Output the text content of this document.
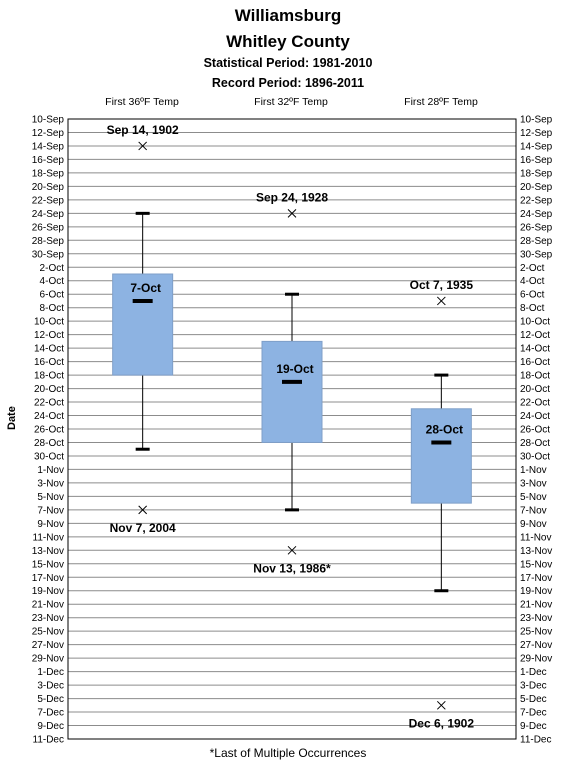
Williamsburg
Whitley County
Statistical Period: 1981-2010
Record Period: 1896-2011
First 36ºF Temp	First 32ºF Temp	First 28ºF Temp
Date
10-Sep	10-Sep
12-Sep	12-Sep
14-Sep	14-Sep
16-Sep	16-Sep
18-Sep	18-Sep
20-Sep	20-Sep
22-Sep	22-Sep
24-Sep	24-Sep
26-Sep	26-Sep
28-Sep	28-Sep
30-Sep	30-Sep
2-Oct	2-Oct
4-Oct	4-Oct
6-Oct	6-Oct
8-Oct	8-Oct
10-Oct	10-Oct
12-Oct	12-Oct
14-Oct	14-Oct
16-Oct	16-Oct
18-Oct	18-Oct
20-Oct	20-Oct
22-Oct	22-Oct
24-Oct	24-Oct
26-Oct	26-Oct
28-Oct	28-Oct
30-Oct	30-Oct
1-Nov	1-Nov
3-Nov	3-Nov
5-Nov	5-Nov
7-Nov	7-Nov
9-Nov	9-Nov
11-Nov	11-Nov
13-Nov	13-Nov
15-Nov	15-Nov
17-Nov	17-Nov
19-Nov	19-Nov
21-Nov	21-Nov
23-Nov	23-Nov
25-Nov	25-Nov
27-Nov	27-Nov
29-Nov	29-Nov
1-Dec	1-Dec
3-Dec	3-Dec
5-Dec	5-Dec
7-Dec	7-Dec
9-Dec	9-Dec
11-Dec	11-Dec
7-Oct
Sep 14, 1902
Nov 7, 2004
19-Oct
Sep 24, 1928
Nov 13, 1986*
28-Oct
Oct 7, 1935
Dec 6, 1902
*Last of Multiple Occurrences
